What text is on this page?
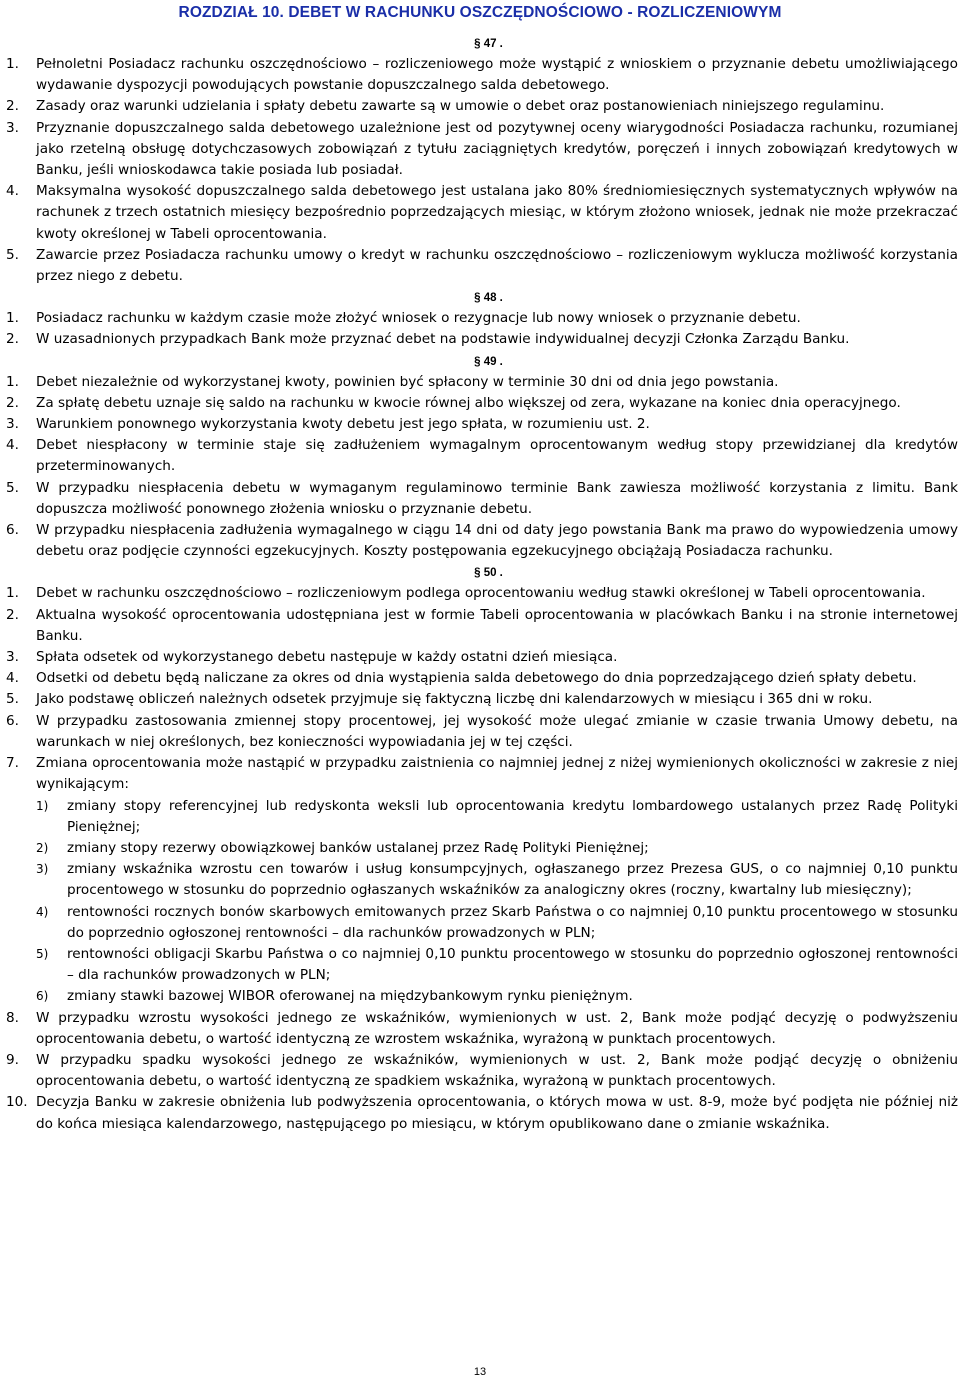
ROZDZIAŁ 10. DEBET W RACHUNKU OSZCZĘDNOŚCIOWO - ROZLICZENIOWYM
§ 47 .
1. Pełnoletni Posiadacz rachunku oszczędnościowo – rozliczeniowego może wystąpić z wnioskiem o przyznanie debetu umożliwiającego wydawanie dyspozycji powodujących powstanie dopuszczalnego salda debetowego.
2. Zasady oraz warunki udzielania i spłaty debetu zawarte są w umowie o debet oraz postanowieniach niniejszego regulaminu.
3. Przyznanie dopuszczalnego salda debetowego uzależnione jest od pozytywnej oceny wiarygodności Posiadacza rachunku, rozumianej jako rzetelną obsługę dotychczasowych zobowiązań z tytułu zaciągniętych kredytów, poręczeń i innych zobowiązań kredytowych w Banku, jeśli wnioskodawca takie posiada lub posiadał.
4. Maksymalna wysokość dopuszczalnego salda debetowego jest ustalana jako 80% średniomiesięcznych systematycznych wpływów na rachunek z trzech ostatnich miesięcy bezpośrednio poprzedzających miesiąc, w którym złożono wniosek, jednak nie może przekraczać kwoty określonej w Tabeli oprocentowania.
5. Zawarcie przez Posiadacza rachunku umowy o kredyt w rachunku oszczędnościowo – rozliczeniowym wyklucza możliwość korzystania przez niego z debetu.
§ 48 .
1. Posiadacz rachunku w każdym czasie może złożyć wniosek o rezygnacje lub nowy wniosek o przyznanie debetu.
2. W uzasadnionych przypadkach Bank może przyznać debet na podstawie indywidualnej decyzji Członka Zarządu Banku.
§ 49 .
1. Debet niezależnie od wykorzystanej kwoty, powinien być spłacony w terminie 30 dni od dnia jego powstania.
2. Za spłatę debetu uznaje się saldo na rachunku w kwocie równej albo większej od zera, wykazane na koniec dnia operacyjnego.
3. Warunkiem ponownego wykorzystania kwoty debetu jest jego spłata, w rozumieniu ust. 2.
4. Debet niespłacony w terminie staje się zadłużeniem wymagalnym oprocentowanym według stopy przewidzianej dla kredytów przeterminowanych.
5. W przypadku niespłacenia debetu w wymaganym regulaminowo terminie Bank zawiesza możliwość korzystania z limitu. Bank dopuszcza możliwość ponownego złożenia wniosku o przyznanie debetu.
6. W przypadku niespłacenia zadłużenia wymagalnego w ciągu 14 dni od daty jego powstania Bank ma prawo do wypowiedzenia umowy debetu oraz podjęcie czynności egzekucyjnych. Koszty postępowania egzekucyjnego obciążają Posiadacza rachunku.
§ 50 .
1. Debet w rachunku oszczędnościowo – rozliczeniowym podlega oprocentowaniu według stawki określonej w Tabeli oprocentowania.
2. Aktualna wysokość oprocentowania udostępniana jest w formie Tabeli oprocentowania w placówkach Banku i na stronie internetowej Banku.
3. Spłata odsetek od wykorzystanego debetu następuje w każdy ostatni dzień miesiąca.
4. Odsetki od debetu będą naliczane za okres od dnia wystąpienia salda debetowego do dnia poprzedzającego dzień spłaty debetu.
5. Jako podstawę obliczeń należnych odsetek przyjmuje się faktyczną liczbę dni kalendarzowych w miesiącu i 365 dni w roku.
6. W przypadku zastosowania zmiennej stopy procentowej, jej wysokość może ulegać zmianie w czasie trwania Umowy debetu, na warunkach w niej określonych, bez konieczności wypowiadania jej w tej części.
7. Zmiana oprocentowania może nastąpić w przypadku zaistnienia co najmniej jednej z niżej wymienionych okoliczności w zakresie z niej wynikającym:
1) zmiany stopy referencyjnej lub redyskonta weksli lub oprocentowania kredytu lombardowego ustalanych przez Radę Polityki Pieniężnej;
2) zmiany stopy rezerwy obowiązkowej banków ustalanej przez Radę Polityki Pieniężnej;
3) zmiany wskaźnika wzrostu cen towarów i usług konsumpcyjnych, ogłaszanego przez Prezesa GUS, o co najmniej 0,10 punktu procentowego w stosunku do poprzednio ogłaszanych wskaźników za analogiczny okres (roczny, kwartalny lub miesięczny);
4) rentowności rocznych bonów skarbowych emitowanych przez Skarb Państwa o co najmniej 0,10 punktu procentowego w stosunku do poprzednio ogłoszonej rentowności – dla rachunków prowadzonych w PLN;
5) rentowności obligacji Skarbu Państwa o co najmniej 0,10 punktu procentowego w stosunku do poprzednio ogłoszonej rentowności – dla rachunków prowadzonych w PLN;
6) zmiany stawki bazowej WIBOR oferowanej na międzybankowym rynku pieniężnym.
8. W przypadku wzrostu wysokości jednego ze wskaźników, wymienionych w ust. 2, Bank może podjąć decyzję o podwyższeniu oprocentowania debetu, o wartość identyczną ze wzrostem wskaźnika, wyrażoną w punktach procentowych.
9. W przypadku spadku wysokości jednego ze wskaźników, wymienionych w ust. 2, Bank może podjąć decyzję o obniżeniu oprocentowania debetu, o wartość identyczną ze spadkiem wskaźnika, wyrażoną w punktach procentowych.
10. Decyzja Banku w zakresie obniżenia lub podwyższenia oprocentowania, o których mowa w ust. 8-9, może być podjęta nie później niż do końca miesiąca kalendarzowego, następującego po miesiącu, w którym opublikowano dane o zmianie wskaźnika.
13
